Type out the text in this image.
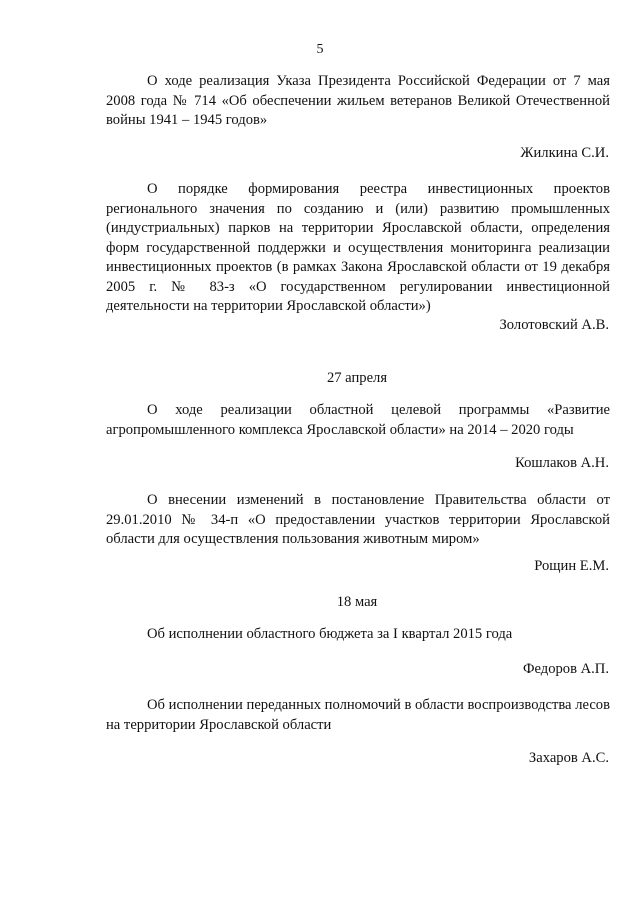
5

О ходе реализация Указа Президента Российской Федерации от 7 мая 2008 года № 714 «Об обеспечении жильем ветеранов Великой Отечественной войны 1941 – 1945 годов»

Жилкина С.И.

О порядке формирования реестра инвестиционных проектов регионального значения по созданию и (или) развитию промышленных (индустриальных) парков на территории Ярославской области, определения форм государственной поддержки и осуществления мониторинга реализации инвестиционных проектов (в рамках Закона Ярославской области от 19 декабря 2005 г. № 83-з «О государственном регулировании инвестиционной деятельности на территории Ярославской области»)

Золотовский А.В.
27 апреля

О ходе реализации областной целевой программы «Развитие агропромышленного комплекса Ярославской области» на 2014 – 2020 годы

Кошлаков А.Н.

О внесении изменений в постановление Правительства области от 29.01.2010 № 34-п «О предоставлении участков территории Ярославской области для осуществления пользования животным миром»

Рощин Е.М.
18 мая

Об исполнении областного бюджета за I квартал 2015 года

Федоров А.П.

Об исполнении переданных полномочий в области воспроизводства лесов на территории Ярославской области

Захаров А.С.
